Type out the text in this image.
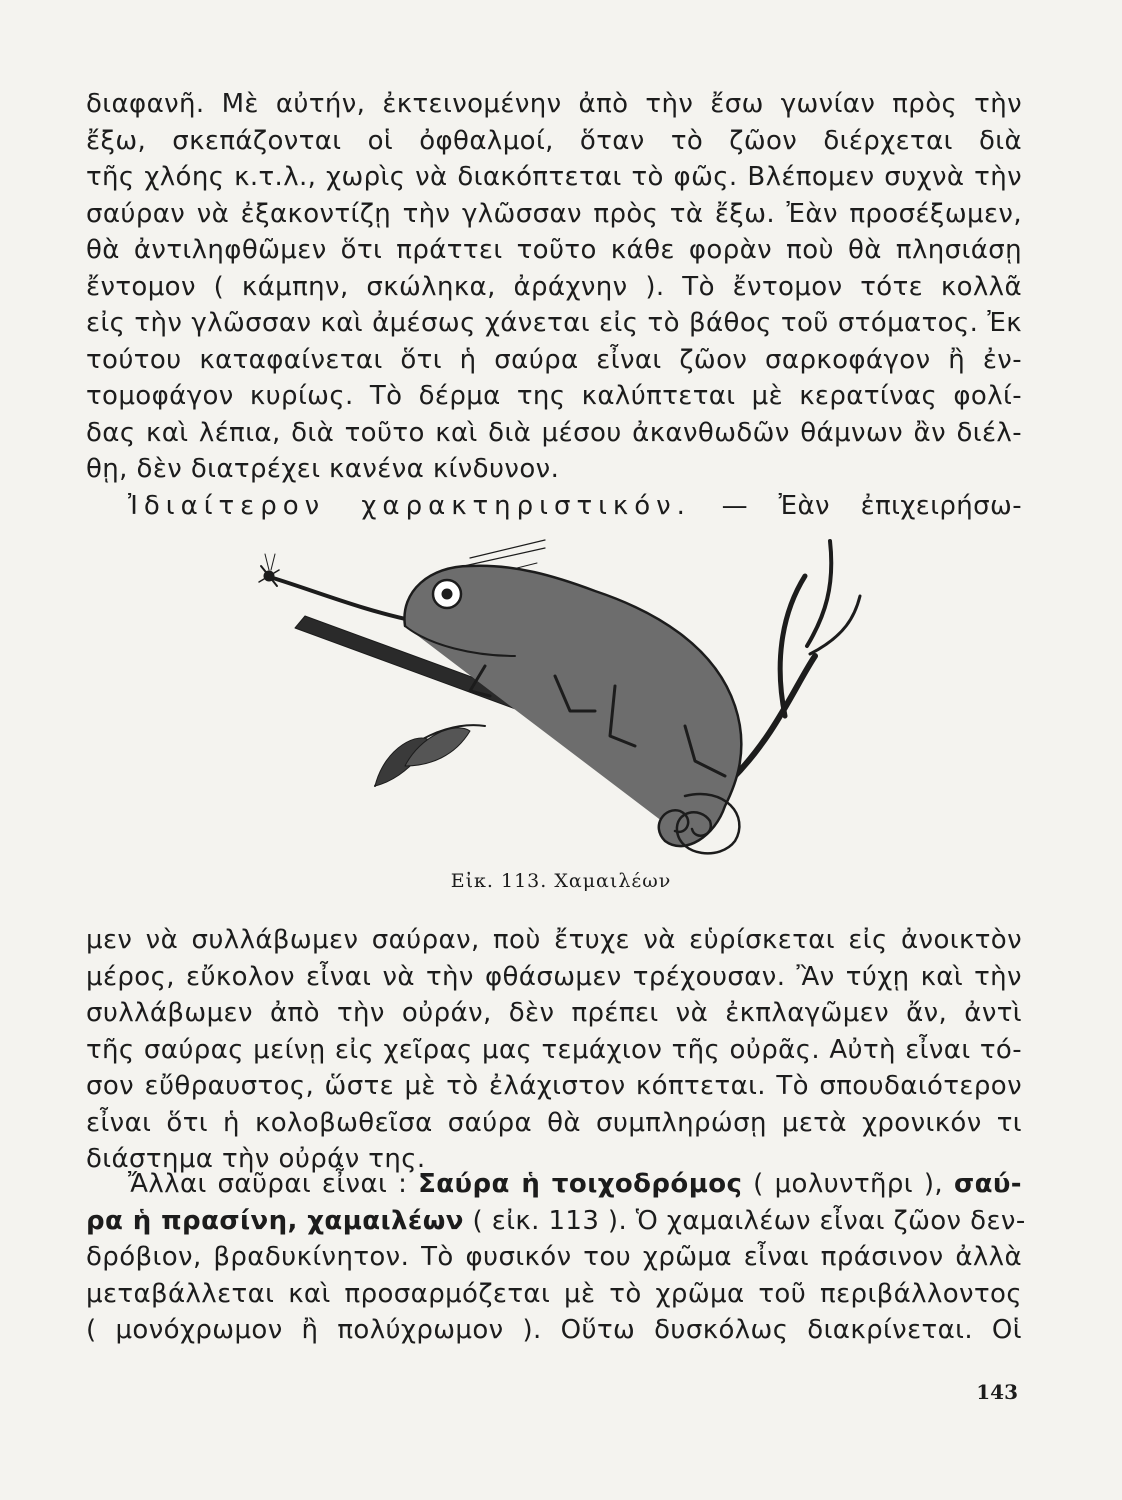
διαφανῆ. Μὲ αὐτήν, ἐκτεινομένην ἀπὸ τὴν ἔσω γωνίαν πρὸς τὴν
ἔξω, σκεπάζονται οἱ ὀφθαλμοί, ὅταν τὸ ζῶον διέρχεται διὰ
τῆς χλόης κ.τ.λ., χωρὶς νὰ διακόπτεται τὸ φῶς. Βλέπομεν συχνὰ τὴν
σαύραν νὰ ἐξακοντίζῃ τὴν γλῶσσαν πρὸς τὰ ἔξω. Ἐὰν προσέξωμεν,
θὰ ἀντιληφθῶμεν ὅτι πράττει τοῦτο κάθε φορὰν ποὺ θὰ πλησιάσῃ
ἔντομον ( κάμπην, σκώληκα, ἀράχνην ). Τὸ ἔντομον τότε κολλᾶ
εἰς τὴν γλῶσσαν καὶ ἀμέσως χάνεται εἰς τὸ βάθος τοῦ στόματος. Ἐκ
τούτου καταφαίνεται ὅτι ἡ σαύρα εἶναι ζῶον σαρκοφάγον ἢ ἐν-
τομοφάγον κυρίως. Τὸ δέρμα της καλύπτεται μὲ κερατίνας φολί-
δας καὶ λέπια, διὰ τοῦτο καὶ διὰ μέσου ἀκανθωδῶν θάμνων ἂν διέλ-
θῃ, δὲν διατρέχει κανένα κίνδυνον.
Ἰδιαίτερον χαρακτηριστικόν. — Ἐὰν ἐπιχειρήσω-
Εἰκ. 113. Χαμαιλέων
μεν νὰ συλλάβωμεν σαύραν, ποὺ ἔτυχε νὰ εὑρίσκεται εἰς ἀνοικτὸν
μέρος, εὔκολον εἶναι νὰ τὴν φθάσωμεν τρέχουσαν. Ἂν τύχῃ καὶ τὴν
συλλάβωμεν ἀπὸ τὴν οὐράν, δὲν πρέπει νὰ ἐκπλαγῶμεν ἄν, ἀντὶ
τῆς σαύρας μείνῃ εἰς χεῖρας μας τεμάχιον τῆς οὐρᾶς. Αὐτὴ εἶναι τό-
σον εὔθραυστος, ὥστε μὲ τὸ ἐλάχιστον κόπτεται. Τὸ σπουδαιότερον
εἶναι ὅτι ἡ κολοβωθεῖσα σαύρα θὰ συμπληρώσῃ μετὰ χρονικόν τι
διάστημα τὴν οὐράν της.
Ἄλλαι σαῦραι εἶναι : Σαύρα ἡ τοιχοδρόμος ( μολυντῆρι ), σαύ-
ρα ἡ πρασίνη, χαμαιλέων ( εἰκ. 113 ). Ὁ χαμαιλέων εἶναι ζῶον δεν-
δρόβιον, βραδυκίνητον. Τὸ φυσικόν του χρῶμα εἶναι πράσινον ἀλλὰ
μεταβάλλεται καὶ προσαρμόζεται μὲ τὸ χρῶμα τοῦ περιβάλλοντος
( μονόχρωμον ἢ πολύχρωμον ). Οὕτω δυσκόλως διακρίνεται. Οἱ
143
